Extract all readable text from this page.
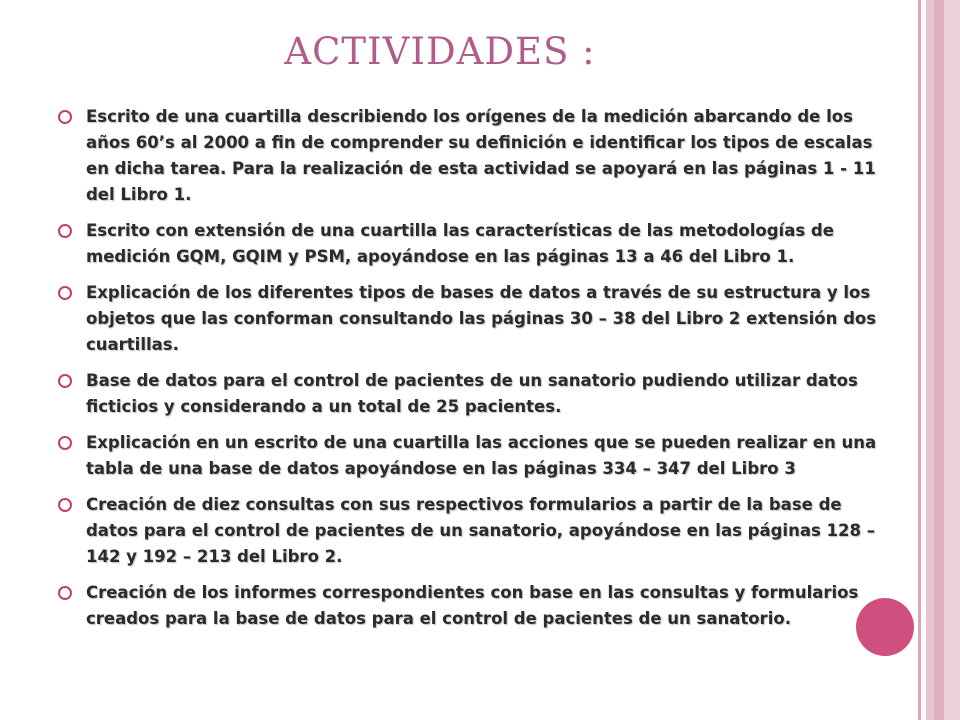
ACTIVIDADES :
Escrito de una cuartilla describiendo los orígenes de la medición abarcando de los años 60’s al 2000 a fin de comprender su definición e identificar los tipos de escalas en dicha tarea. Para la realización de esta actividad se apoyará en las páginas 1 - 11 del Libro 1.
Escrito con extensión de una cuartilla las características de las metodologías de medición GQM, GQIM y PSM, apoyándose en las páginas 13 a 46 del Libro 1.
Explicación de los diferentes tipos de bases de datos a través de su estructura y los objetos que las conforman consultando las páginas 30 – 38 del Libro 2 extensión dos cuartillas.
Base de datos para el control de pacientes de un sanatorio pudiendo utilizar datos ficticios y considerando a un total de 25 pacientes.
Explicación en un escrito de una cuartilla las acciones que se pueden realizar en una tabla de una base de datos apoyándose en las páginas 334 – 347 del Libro 3
Creación de diez consultas con sus respectivos formularios a partir de la base de datos para el control de pacientes de un sanatorio, apoyándose en las páginas 128 – 142 y 192 – 213 del Libro 2.
Creación de los informes correspondientes con base en las consultas y formularios creados para la base de datos para el control de pacientes de un sanatorio.
